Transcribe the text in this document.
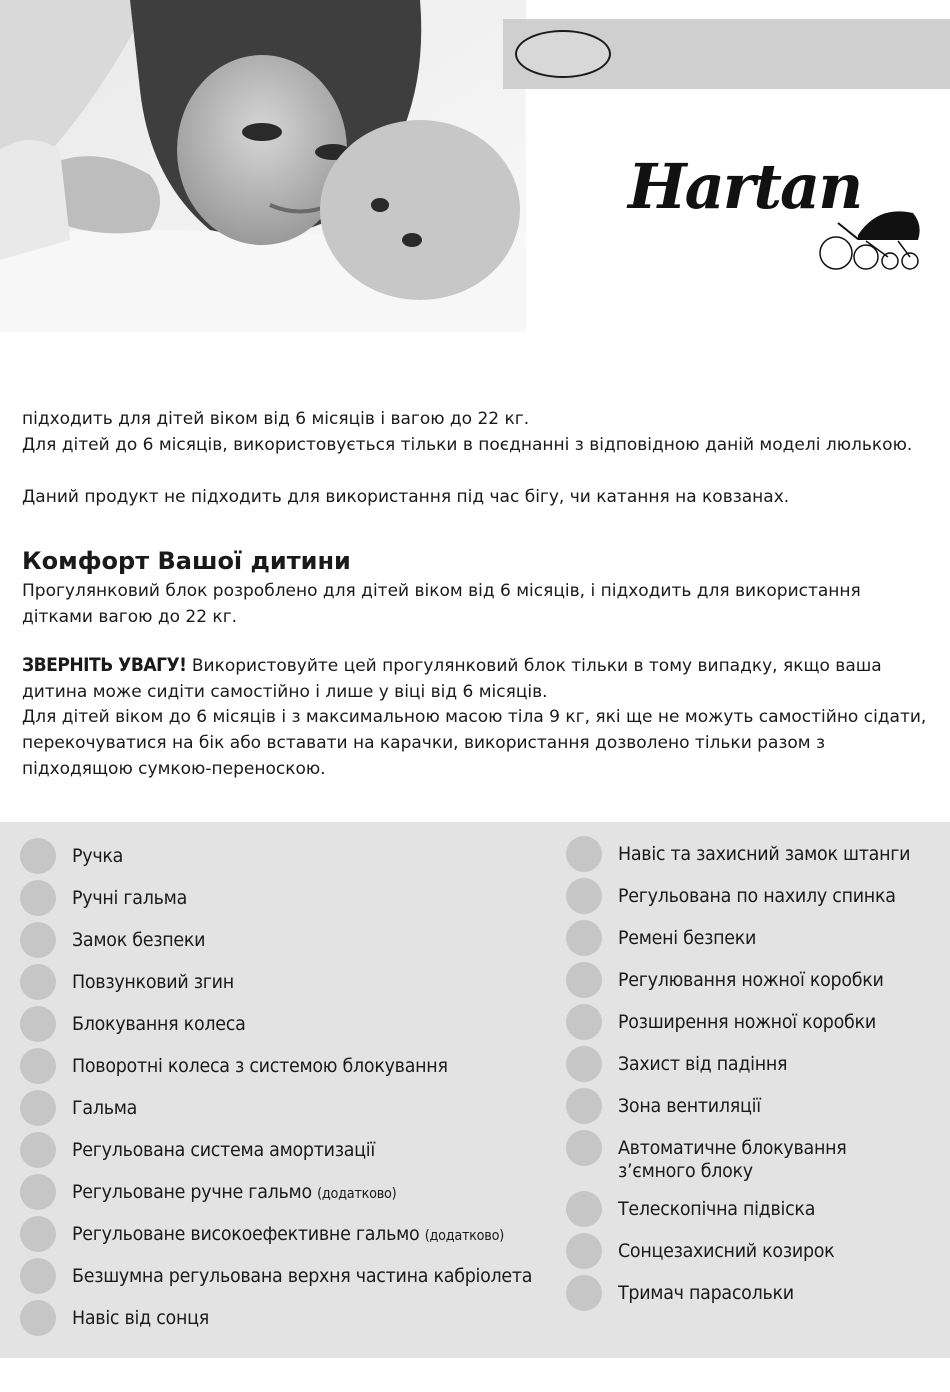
Hartan

підходить для дітей віком від 6 місяців і вагою до 22 кг.

Для дітей до 6 місяців, використовується тільки в поєднанні з відповідною даній моделі люлькою.

Даний продукт не підходить для використання під час бігу, чи катання на ковзанах.

Комфорт Вашої дитини

Прогулянковий блок розроблено для дітей віком від 6 місяців, і підходить для використання дітками вагою до 22 кг.

ЗВЕРНІТЬ УВАГУ! Використовуйте цей прогулянковий блок тільки в тому випадку, якщо ваша дитина може сидіти самостійно і лише у віці від 6 місяців.

Для дітей віком до 6 місяців і з максимальною масою тіла 9 кг, які ще не можуть самостійно сідати, перекочуватися на бік або вставати на карачки, використання дозволено тільки разом з підходящою сумкою-переноскою.

Ручка
Ручні гальма
Замок безпеки
Повзунковий згин
Блокування колеса
Поворотні колеса з системою блокування
Гальма
Регульована система амортизації
Регульоване ручне гальмо (додатково)
Регульоване високоефективне гальмо (додатково)
Безшумна регульована верхня частина кабріолета
Навіс від сонця
Навіс та захисний замок штанги
Регульована по нахилу спинка
Ремені безпеки
Регулювання ножної коробки
Розширення ножної коробки
Захист від падіння
Зона вентиляції
Автоматичне блокування з’ємного блоку
Телескопічна підвіска
Сонцезахисний козирок
Тримач парасольки
